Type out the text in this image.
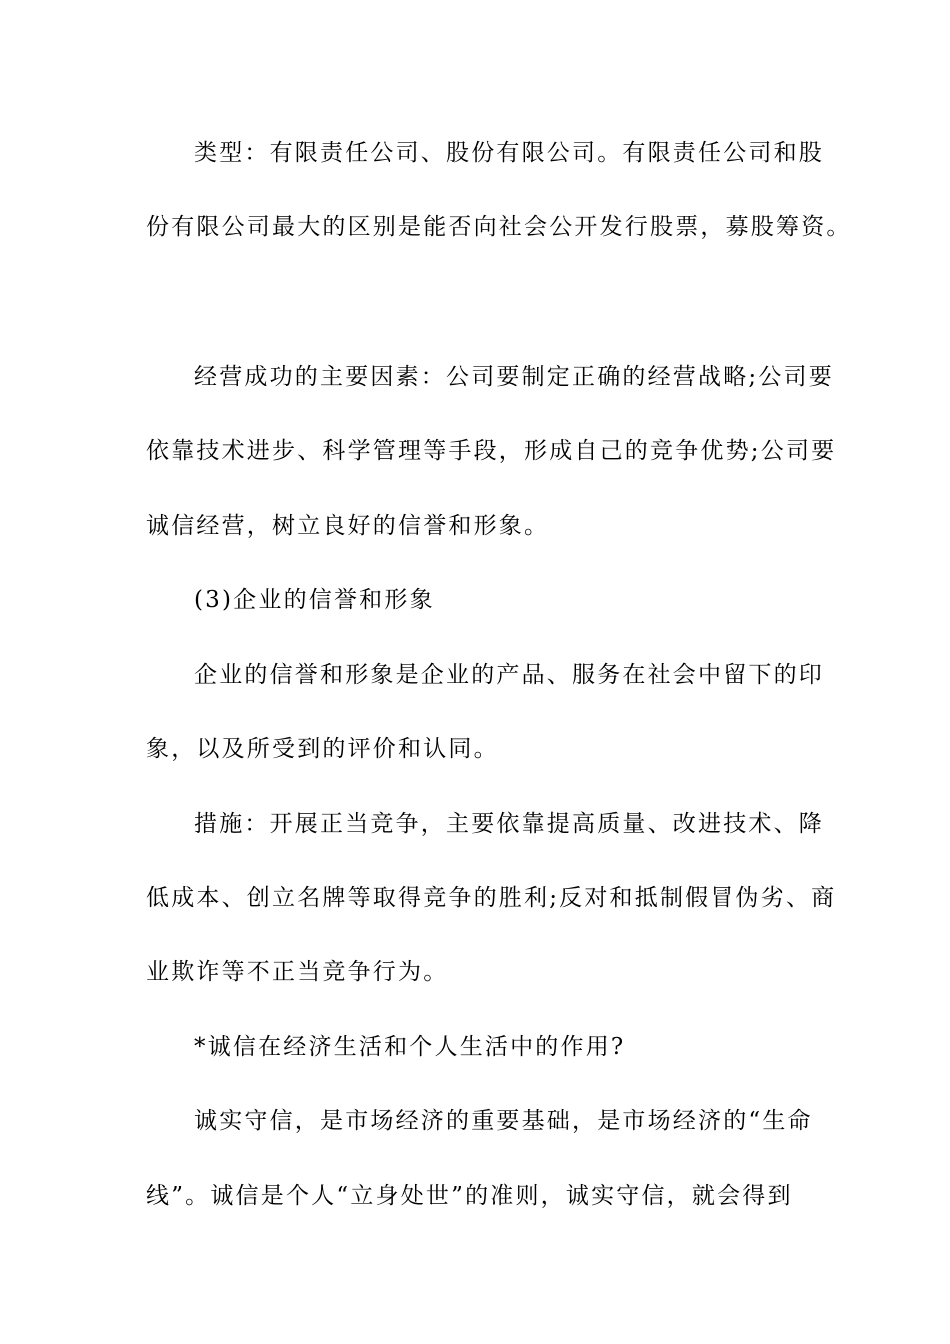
类型：有限责任公司、股份有限公司。有限责任公司和股
份有限公司最大的区别是能否向社会公开发行股票，募股筹资。
经营成功的主要因素：公司要制定正确的经营战略;公司要
依靠技术进步、科学管理等手段，形成自己的竞争优势;公司要
诚信经营，树立良好的信誉和形象。
(3)企业的信誉和形象
企业的信誉和形象是企业的产品、服务在社会中留下的印
象，以及所受到的评价和认同。
措施：开展正当竞争，主要依靠提高质量、改进技术、降
低成本、创立名牌等取得竞争的胜利;反对和抵制假冒伪劣、商
业欺诈等不正当竞争行为。
*诚信在经济生活和个人生活中的作用?
诚实守信，是市场经济的重要基础，是市场经济的“生命
线”。诚信是个人“立身处世”的准则，诚实守信，就会得到
